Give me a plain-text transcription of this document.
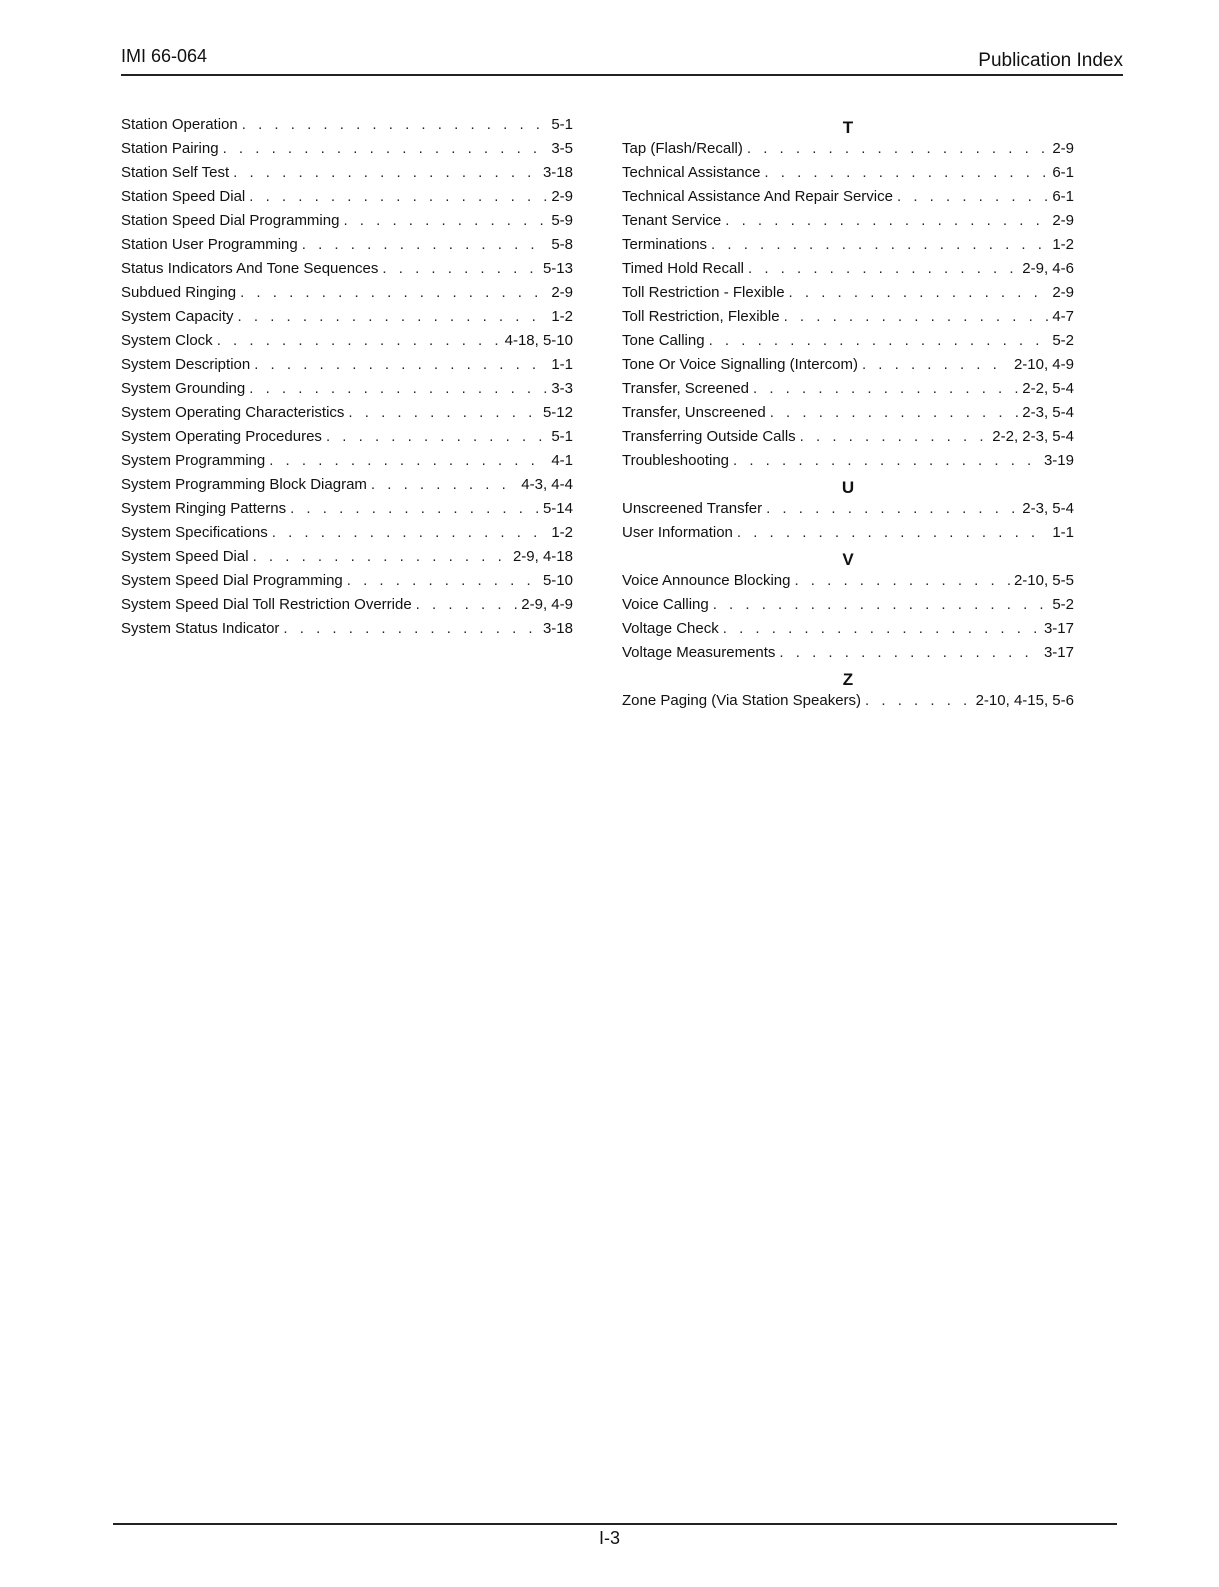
IMI 66-064	Publication Index
Station Operation . . .	5-1
Station Pairing . . .	3-5
Station Self Test . . .	3-18
Station Speed Dial . . .	2-9
Station Speed Dial Programming . . .	5-9
Station User Programming . . .	5-8
Status Indicators And Tone Sequences . . .	5-13
Subdued Ringing . . .	2-9
System Capacity . . .	1-2
System Clock . . .	4-18, 5-10
System Description . . .	1-1
System Grounding . . .	3-3
System Operating Characteristics . . .	5-12
System Operating Procedures . . .	5-1
System Programming . . .	4-1
System Programming Block Diagram . . .	4-3, 4-4
System Ringing Patterns . . .	5-14
System Specifications . . .	1-2
System Speed Dial . . .	2-9, 4-18
System Speed Dial Programming . . .	5-10
System Speed Dial Toll Restriction Override . . .	2-9, 4-9
System Status Indicator . . .	3-18
T
Tap (Flash/Recall) . . .	2-9
Technical Assistance . . .	6-1
Technical Assistance And Repair Service . . .	6-1
Tenant Service . . .	2-9
Terminations . . .	1-2
Timed Hold Recall . . .	2-9, 4-6
Toll Restriction - Flexible . . .	2-9
Toll Restriction, Flexible . . .	4-7
Tone Calling . . .	5-2
Tone Or Voice Signalling (Intercom) . . .	2-10, 4-9
Transfer, Screened . . .	2-2, 5-4
Transfer, Unscreened . . .	2-3, 5-4
Transferring Outside Calls . . .	2-2, 2-3, 5-4
Troubleshooting . . .	3-19
U
Unscreened Transfer . . .	2-3, 5-4
User Information . . .	1-1
V
Voice Announce Blocking . . .	2-10, 5-5
Voice Calling . . .	5-2
Voltage Check . . .	3-17
Voltage Measurements . . .	3-17
Z
Zone Paging (Via Station Speakers) . . .	2-10, 4-15, 5-6
I-3
